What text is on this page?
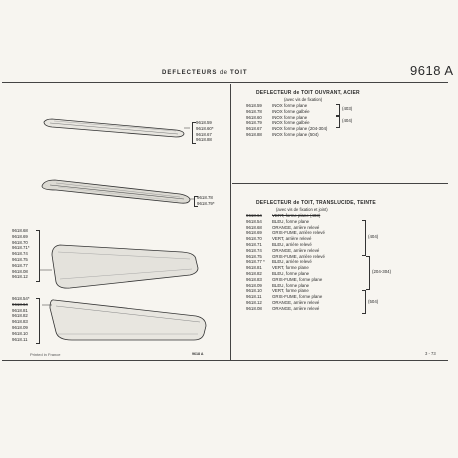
DEFLECTEURS de TOIT	9618 A
9618.59
9618.60*
9618.67
9618.88
9618.78
9618.79*
9618.68
9618.69
9618.70
9618.71*
9618.74
9618.75
9618.77
9618.08
9618.12
9618.54*
9618.64
9618.81
9618.82
9618.83
9618.09
9618.10
9618.11
DEFLECTEUR de TOIT OUVRANT, ACIER
(avec vis de fixation)
9618.59	INOX forme plane
9618.78	INOX forme galbée
9618.60	INOX forme plane
9618.79	INOX forme galbée
9618.67	INOX forme plane (204-304)
9618.88	INOX forme plane (504)
(403)
(404)
DEFLECTEUR de TOIT, TRANSLUCIDE, TEINTE
(avec vis de fixation et joint)
9618.64	VERT, forme plane (403)
9618.54	BLEU, forme plane
9618.68	ORANGE, arrière relevé
9618.69	GRIS-FUME, arrière relevé
9618.70	VERT, arrière relevé
9618.71	BLEU, arrière relevé
9618.74	ORANGE, arrière relevé
9618.75	GRIS-FUME, arrière relevé
9618.77 *	BLEU, arrière relevé
9618.81	VERT, forme plane
9618.82	BLEU, forme plane
9618.83	GRIS-FUME, forme plane
9618.09	BLEU, forme plane
9618.10	VERT, forme plane
9618.11	GRIS-FUME, forme plane
9618.12	ORANGE, arrière relevé
9618.08	ORANGE, arrière relevé
(404)
(204-304)
(504)
Printed in France	9618 A	3 - 73
